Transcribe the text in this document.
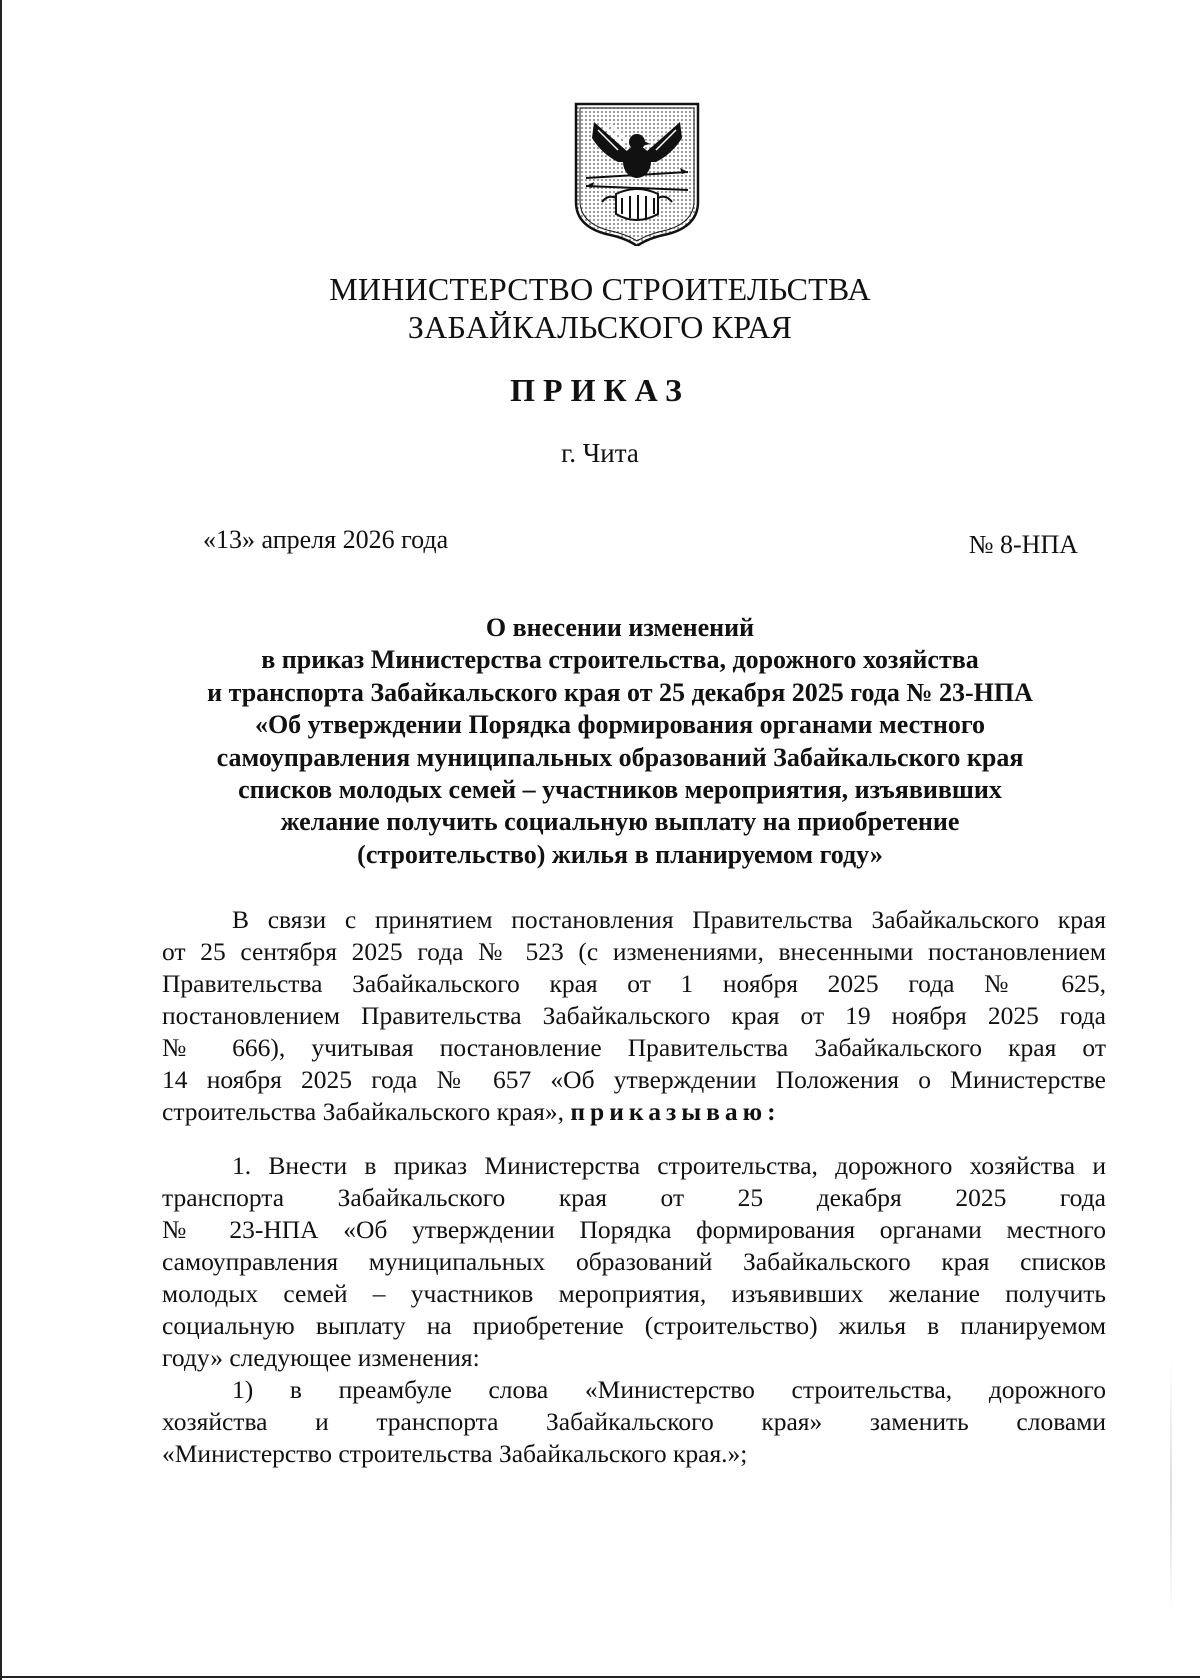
МИНИСТЕРСТВО СТРОИТЕЛЬСТВА
ЗАБАЙКАЛЬСКОГО КРАЯ
ПРИКАЗ
г. Чита
«13» апреля 2026 года	№ 8-НПА
О внесении изменений
в приказ Министерства строительства, дорожного хозяйства
и транспорта Забайкальского края от 25 декабря 2025 года № 23-НПА
«Об утверждении Порядка формирования органами местного
самоуправления муниципальных образований Забайкальского края
списков молодых семей – участников мероприятия, изъявивших
желание получить социальную выплату на приобретение
(строительство) жилья в планируемом году»
В связи с принятием постановления Правительства Забайкальского края
от 25 сентября 2025 года № 523 (с изменениями, внесенными постановлением
Правительства Забайкальского края от 1 ноября 2025 года № 625,
постановлением Правительства Забайкальского края от 19 ноября 2025 года
№ 666), учитывая постановление Правительства Забайкальского края от
14 ноября 2025 года № 657 «Об утверждении Положения о Министерстве
строительства Забайкальского края», приказываю:
1. Внести в приказ Министерства строительства, дорожного хозяйства и
транспорта Забайкальского края от 25 декабря 2025 года
№ 23-НПА «Об утверждении Порядка формирования органами местного
самоуправления муниципальных образований Забайкальского края списков
молодых семей – участников мероприятия, изъявивших желание получить
социальную выплату на приобретение (строительство) жилья в планируемом
году» следующее изменения:
1) в преамбуле слова «Министерство строительства, дорожного
хозяйства и транспорта Забайкальского края» заменить словами
«Министерство строительства Забайкальского края.»;
